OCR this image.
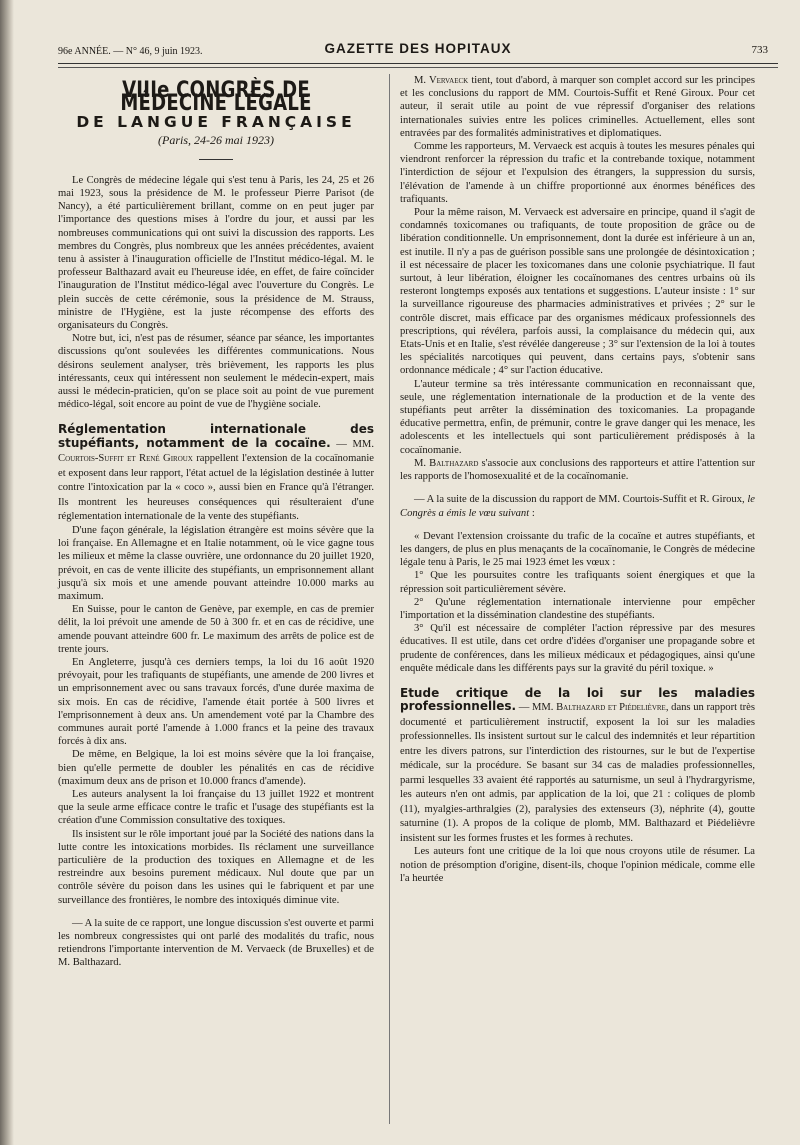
96e ANNÉE. — N° 46, 9 juin 1923.	GAZETTE DES HOPITAUX	733
VIIIe CONGRÈS DE MÉDECINE LÉGALE
DE LANGUE FRANÇAISE
(Paris, 24-26 mai 1923)

Le Congrès de médecine légale qui s'est tenu à Paris, les 24, 25 et 26 mai 1923, sous la présidence de M. le professeur Pierre Parisot (de Nancy), a été particulièrement brillant, comme on en peut juger par l'importance des questions mises à l'ordre du jour, et aussi par les nombreuses communications qui ont suivi la discussion des rapports. Les membres du Congrès, plus nombreux que les années précédentes, avaient tenu à assister à l'inauguration officielle de l'Institut médico-légal. M. le professeur Balthazard avait eu l'heureuse idée, en effet, de faire coïncider l'inauguration de l'Institut médico-légal avec l'ouverture du Congrès. Le plein succès de cette cérémonie, sous la présidence de M. Strauss, ministre de l'Hygiène, est la juste récompense des efforts des organisateurs du Congrès.

Notre but, ici, n'est pas de résumer, séance par séance, les importantes discussions qu'ont soulevées les différentes communications. Nous désirons seulement analyser, très brièvement, les rapports les plus intéressants, ceux qui intéressent non seulement le médecin-expert, mais aussi le médecin-praticien, qu'on se place soit au point de vue purement médico-légal, soit encore au point de vue de l'hygiène sociale.

Réglementation internationale des stupéfiants, notamment de la cocaïne. — MM. Courtois-Suffit et René Giroux rappellent l'extension de la cocaïnomanie et exposent dans leur rapport, l'état actuel de la législation destinée à lutter contre l'intoxication par la « coco », aussi bien en France qu'à l'étranger. Ils montrent les heureuses conséquences qui résulteraient d'une réglementation internationale de la vente des stupéfiants.

D'une façon générale, la législation étrangère est moins sévère que la loi française. En Allemagne et en Italie notamment, où le vice gagne tous les milieux et même la classe ouvrière, une ordonnance du 20 juillet 1920, prévoit, en cas de vente illicite des stupéfiants, un emprisonnement allant jusqu'à six mois et une amende pouvant atteindre 10.000 marks au maximum.

En Suisse, pour le canton de Genève, par exemple, en cas de premier délit, la loi prévoit une amende de 50 à 300 fr. et en cas de récidive, une amende pouvant atteindre 600 fr. Le maximum des arrêts de police est de trente jours.

En Angleterre, jusqu'à ces derniers temps, la loi du 16 août 1920 prévoyait, pour les trafiquants de stupéfiants, une amende de 200 livres et un emprisonnement avec ou sans travaux forcés, d'une durée maxima de six mois. En cas de récidive, l'amende était portée à 500 livres et l'emprisonnement à deux ans. Un amendement voté par la Chambre des communes aurait porté l'amende à 1.000 francs et la peine des travaux forcés à dix ans.

De même, en Belgique, la loi est moins sévère que la loi française, bien qu'elle permette de doubler les pénalités en cas de récidive (maximum deux ans de prison et 10.000 francs d'amende).

Les auteurs analysent la loi française du 13 juillet 1922 et montrent que la seule arme efficace contre le trafic et l'usage des stupéfiants est la création d'une Commission consultative des toxiques.

Ils insistent sur le rôle important joué par la Société des nations dans la lutte contre les intoxications morbides. Ils réclament une surveillance particulière de la production des toxiques en Allemagne et de les restreindre aux besoins purement médicaux. Nul doute que par un contrôle sévère du poison dans les usines qui le fabriquent et par une surveillance des frontières, le nombre des intoxiqués diminue vite.

— A la suite de ce rapport, une longue discussion s'est ouverte et parmi les nombreux congressistes qui ont parlé des modalités du trafic, nous retiendrons l'importante intervention de M. Vervaeck (de Bruxelles) et de M. Balthazard.

M. Vervaeck tient, tout d'abord, à marquer son complet accord sur les principes et les conclusions du rapport de MM. Courtois-Suffit et René Giroux. Pour cet auteur, il serait utile au point de vue répressif d'organiser des relations internationales suivies entre les polices criminelles. Actuellement, elles sont entravées par des formalités administratives et diplomatiques.

Comme les rapporteurs, M. Vervaeck est acquis à toutes les mesures pénales qui viendront renforcer la répression du trafic et la contrebande toxique, notamment l'interdiction de séjour et l'expulsion des étrangers, la suppression du sursis, l'élévation de l'amende à un chiffre proportionné aux énormes bénéfices des trafiquants.

Pour la même raison, M. Vervaeck est adversaire en principe, quand il s'agit de condamnés toxicomanes ou trafiquants, de toute proposition de grâce ou de libération conditionnelle. Un emprisonnement, dont la durée est inférieure à un an, est inutile. Il n'y a pas de guérison possible sans une prolongée de désintoxication ; il est nécessaire de placer les toxicomanes dans une colonie psychiatrique. Il faut surtout, à leur libération, éloigner les cocaïnomanes des centres urbains où ils resteront longtemps exposés aux tentations et suggestions. L'auteur insiste : 1° sur la surveillance rigoureuse des pharmacies administratives et privées ; 2° sur le contrôle discret, mais efficace par des organismes médicaux professionnels des prescriptions, qui révélera, parfois aussi, la complaisance du médecin qui, aux Etats-Unis et en Italie, s'est révélée dangereuse ; 3° sur l'extension de la loi à toutes les spécialités narcotiques qui peuvent, dans certains pays, s'obtenir sans ordonnance médicale ; 4° sur l'action éducative.

L'auteur termine sa très intéressante communication en reconnaissant que, seule, une réglementation internationale de la production et de la vente des stupéfiants peut arrêter la dissémination des toxicomanies. La propagande éducative permettra, enfin, de prémunir, contre le grave danger qui les menace, les adolescents et les intellectuels qui sont particulièrement prédisposés à la cocaïnomanie.

M. Balthazard s'associe aux conclusions des rapporteurs et attire l'attention sur les rapports de l'homosexualité et de la cocaïnomanie.

— A la suite de la discussion du rapport de MM. Courtois-Suffit et R. Giroux, le Congrès a émis le vœu suivant :

« Devant l'extension croissante du trafic de la cocaïne et autres stupéfiants, et les dangers, de plus en plus menaçants de la cocaïnomanie, le Congrès de médecine légale tenu à Paris, le 25 mai 1923 émet les vœux :

1° Que les poursuites contre les trafiquants soient énergiques et que la répression soit particulièrement sévère.

2° Qu'une réglementation internationale intervienne pour empêcher l'importation et la dissémination clandestine des stupéfiants.

3° Qu'il est nécessaire de compléter l'action répressive par des mesures éducatives. Il est utile, dans cet ordre d'idées d'organiser une propagande sobre et prudente de conférences, dans les milieux médicaux et pédagogiques, ainsi qu'une enquête médicale dans les différents pays sur la gravité du péril toxique. »

Etude critique de la loi sur les maladies professionnelles. — MM. Balthazard et Piédelièvre, dans un rapport très documenté et particulièrement instructif, exposent la loi sur les maladies professionnelles. Ils insistent surtout sur le calcul des indemnités et leur répartition entre les divers patrons, sur l'interdiction des ristournes, sur le but de l'expertise médicale, sur la procédure. Se basant sur 34 cas de maladies professionnelles, parmi lesquelles 33 avaient été rapportés au saturnisme, un seul à l'hydrargyrisme, les auteurs n'en ont admis, par application de la loi, que 21 : coliques de plomb (11), myalgies-arthralgies (2), paralysies des extenseurs (3), néphrite (4), goutte saturnine (1). A propos de la colique de plomb, MM. Balthazard et Piédelièvre insistent sur les formes frustes et les formes à rechutes.

Les auteurs font une critique de la loi que nous croyons utile de résumer. La notion de présomption d'origine, disent-ils, choque l'opinion médicale, comme elle l'a heurtée
